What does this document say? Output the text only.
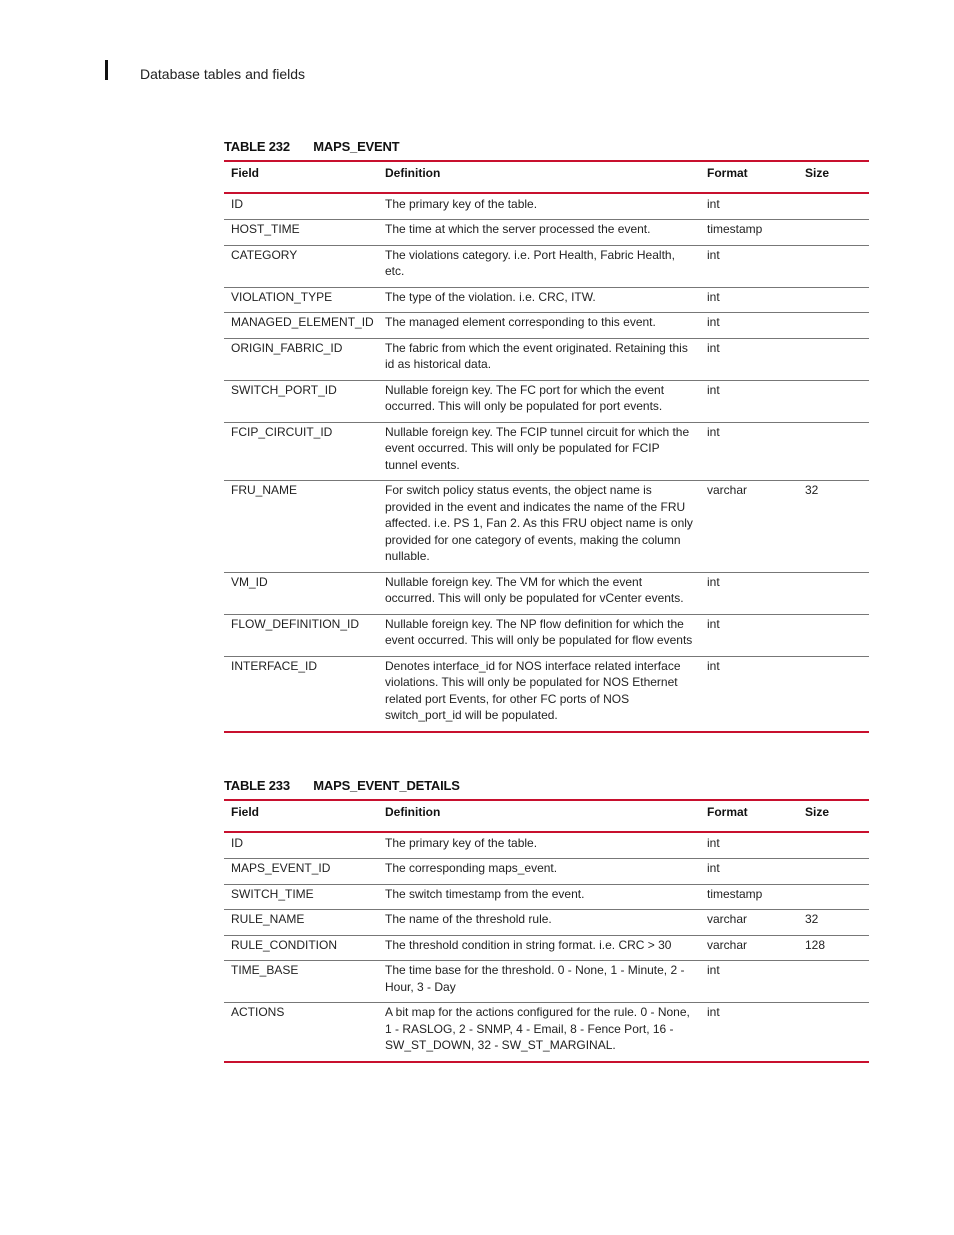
Database tables and fields
TABLE 232 MAPS_EVENT
Field	Definition	Format	Size
ID	The primary key of the table.	int	
HOST_TIME	The time at which the server processed the event.	timestamp	
CATEGORY	The violations category. i.e. Port Health, Fabric Health, etc.	int	
VIOLATION_TYPE	The type of the violation. i.e. CRC, ITW.	int	
MANAGED_ELEMENT_ID	The managed element corresponding to this event.	int	
ORIGIN_FABRIC_ID	The fabric from which the event originated. Retaining this id as historical data.	int	
SWITCH_PORT_ID	Nullable foreign key. The FC port for which the event occurred. This will only be populated for port events.	int	
FCIP_CIRCUIT_ID	Nullable foreign key. The FCIP tunnel circuit for which the event occurred. This will only be populated for FCIP tunnel events.	int	
FRU_NAME	For switch policy status events, the object name is provided in the event and indicates the name of the FRU affected. i.e. PS 1, Fan 2. As this FRU object name is only provided for one category of events, making the column nullable.	varchar	32
VM_ID	Nullable foreign key. The VM for which the event occurred. This will only be populated for vCenter events.	int	
FLOW_DEFINITION_ID	Nullable foreign key. The NP flow definition for which the event occurred. This will only be populated for flow events	int	
INTERFACE_ID	Denotes interface_id for NOS interface related interface violations. This will only be populated for NOS Ethernet related port Events, for other FC ports of NOS switch_port_id will be populated.	int	
TABLE 233 MAPS_EVENT_DETAILS
Field	Definition	Format	Size
ID	The primary key of the table.	int	
MAPS_EVENT_ID	The corresponding maps_event.	int	
SWITCH_TIME	The switch timestamp from the event.	timestamp	
RULE_NAME	The name of the threshold rule.	varchar	32
RULE_CONDITION	The threshold condition in string format. i.e. CRC > 30	varchar	128
TIME_BASE	The time base for the threshold. 0 - None, 1 - Minute, 2 - Hour, 3 - Day	int	
ACTIONS	A bit map for the actions configured for the rule. 0 - None, 1 - RASLOG, 2 - SNMP, 4 - Email, 8 - Fence Port, 16 - SW_ST_DOWN, 32 - SW_ST_MARGINAL.	int	
